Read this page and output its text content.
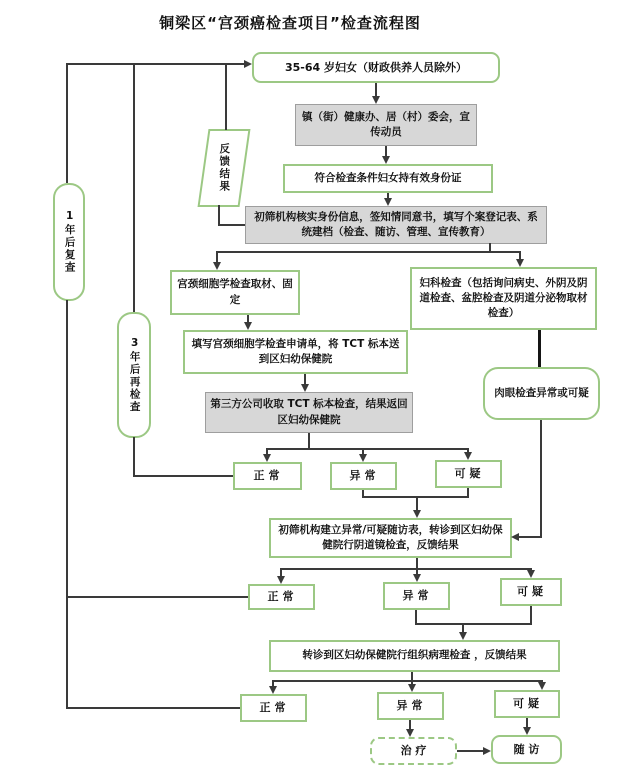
铜梁区“宫颈癌检查项目”检查流程图
35-64 岁妇女（财政供养人员除外）
镇（街）健康办、居（村）委会，宣传动员
符合检查条件妇女持有效身份证
初筛机构核实身份信息，签知情同意书，填写个案登记表、系统建档（检查、随访、管理、宣传教育）
宫颈细胞学检查取材、固定
妇科检查（包括询问病史、外阴及阴道检查、盆腔检查及阴道分泌物取材检查）
填写宫颈细胞学检查申请单，将 TCT 标本送到区妇幼保健院
第三方公司收取 TCT 标本检查，结果返回区妇幼保健院
肉眼检查异常或可疑
正常	异常	可疑
初筛机构建立异常/可疑随访表，转诊到区妇幼保健院行阴道镜检查，反馈结果
正常	异常	可疑
转诊到区妇幼保健院行组织病理检查 ，反馈结果
正常	异常	可疑
治 疗	随 访
1年后复查
3年后再检查
反馈结果
